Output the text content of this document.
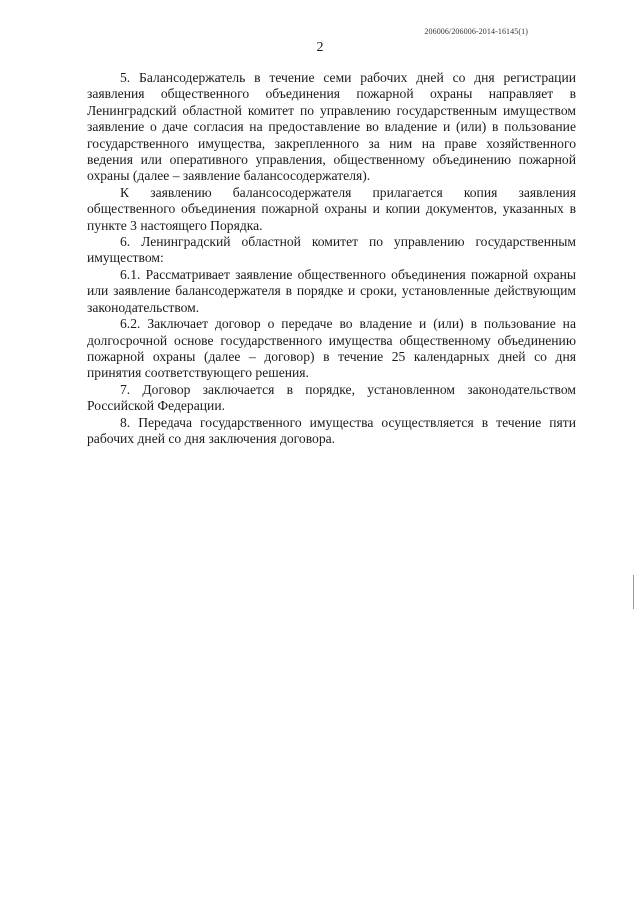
206006/206006-2014-16145(1)
2

5. Балансодержатель в течение семи рабочих дней со дня регистрации заявления общественного объединения пожарной охраны направляет в Ленинградский областной комитет по управлению государственным имуществом заявление о даче согласия на предоставление во владение и (или) в пользование государственного имущества, закрепленного за ним на праве хозяйственного ведения или оперативного управления, общественному объединению пожарной охраны (далее – заявление балансосодержателя).

К заявлению балансосодержателя прилагается копия заявления общественного объединения пожарной охраны и копии документов, указанных в пункте 3 настоящего Порядка.

6. Ленинградский областной комитет по управлению государственным имуществом:

6.1. Рассматривает заявление общественного объединения пожарной охраны или заявление балансодержателя в порядке и сроки, установленные действующим законодательством.

6.2. Заключает договор о передаче во владение и (или) в пользование на долгосрочной основе государственного имущества общественному объединению пожарной охраны (далее – договор) в течение 25 календарных дней со дня принятия соответствующего решения.

7. Договор заключается в порядке, установленном законодательством Российской Федерации.

8. Передача государственного имущества осуществляется в течение пяти рабочих дней со дня заключения договора.
